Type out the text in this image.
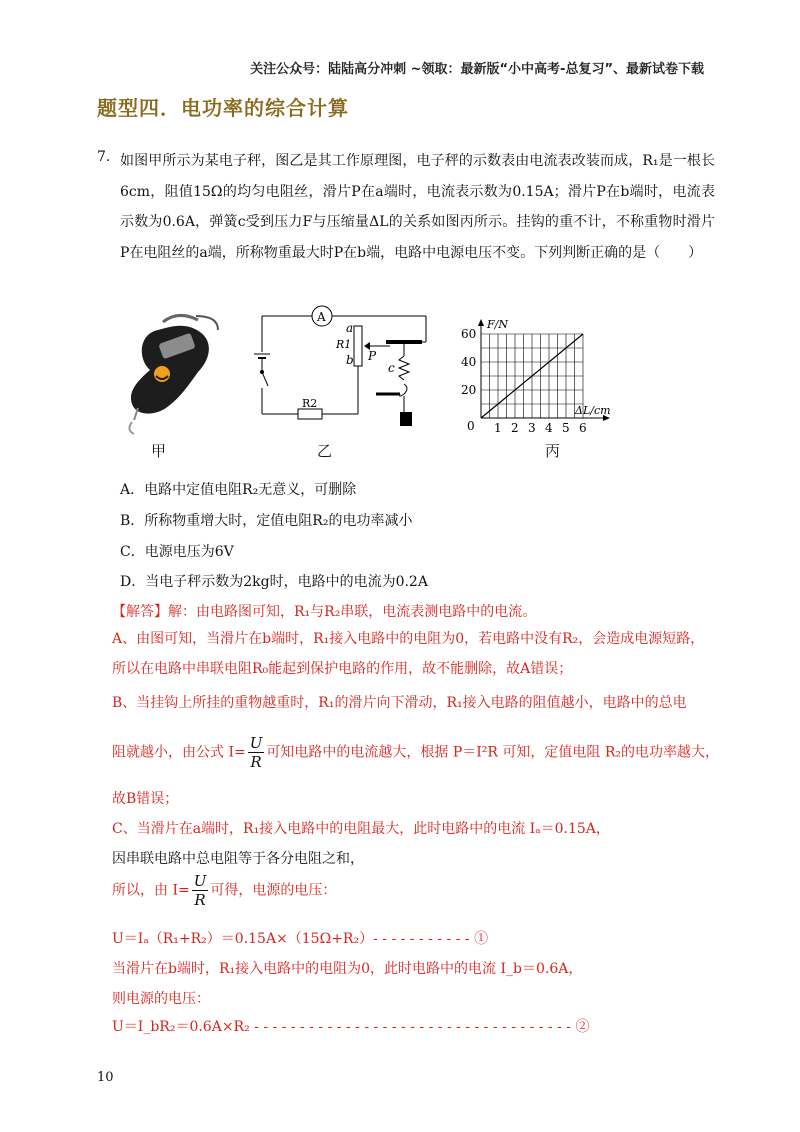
关注公众号：陆陆高分冲刺 ~领取：最新版“小中高考-总复习”、最新试卷下载
题型四．电功率的综合计算
7. 如图甲所示为某电子秤，图乙是其工作原理图，电子秤的示数表由电流表改装而成，R₁是一根长6cm，阻值15Ω的均匀电阻丝，滑片P在a端时，电流表示数为0.15A；滑片P在b端时，电流表示数为0.6A，弹簧c受到压力F与压缩量ΔL的关系如图丙所示。挂钩的重不计，不称重物时滑片P在电阻丝的a端，所称物重最大时P在b端，电路中电源电压不变。下列判断正确的是（　　）
甲
A
R2
a
R1
b P
c
乙
60
40
20
1 2 3 4 5 6
0
F/N
ΔL/cm
丙
A．电路中定值电阻R₂无意义，可删除
B．所称物重增大时，定值电阻R₂的电功率减小
C．电源电压为6V
D．当电子秤示数为2kg时，电路中的电流为0.2A
【解答】解：由电路图可知，R₁与R₂串联，电流表测电路中的电流。
A、由图可知，当滑片在b端时，R₁接入电路中的电阻为0，若电路中没有R₂，会造成电源短路，所以在电路中串联电阻R₀能起到保护电路的作用，故不能删除，故A错误；
B、当挂钩上所挂的重物越重时，R₁的滑片向下滑动，R₁接入电路的阻值越小，电路中的总电
阻就越小，由公式 $I= \frac{U}{R}$ 可知电路中的电流越大，根据 P＝I²R 可知，定值电阻 R₂的电功率越大，
故B错误；
C、当滑片在a端时，R₁接入电路中的电阻最大，此时电路中的电流 Iₐ＝0.15A，
因串联电路中总电阻等于各分电阻之和，
所以，由 $I= \frac{U}{R}$ 可得，电源的电压：
U＝Iₐ（R₁+R₂）＝0.15A×（15Ω+R₂）- - - - - - - - - - - ①
当滑片在b端时，R₁接入电路中的电阻为0，此时电路中的电流 I_b＝0.6A，
则电源的电压：
U＝I_bR₂＝0.6A×R₂ - - - - - - - - - - - - - - - - - - - - - - - - - - - - - - - - - - - ②
10
